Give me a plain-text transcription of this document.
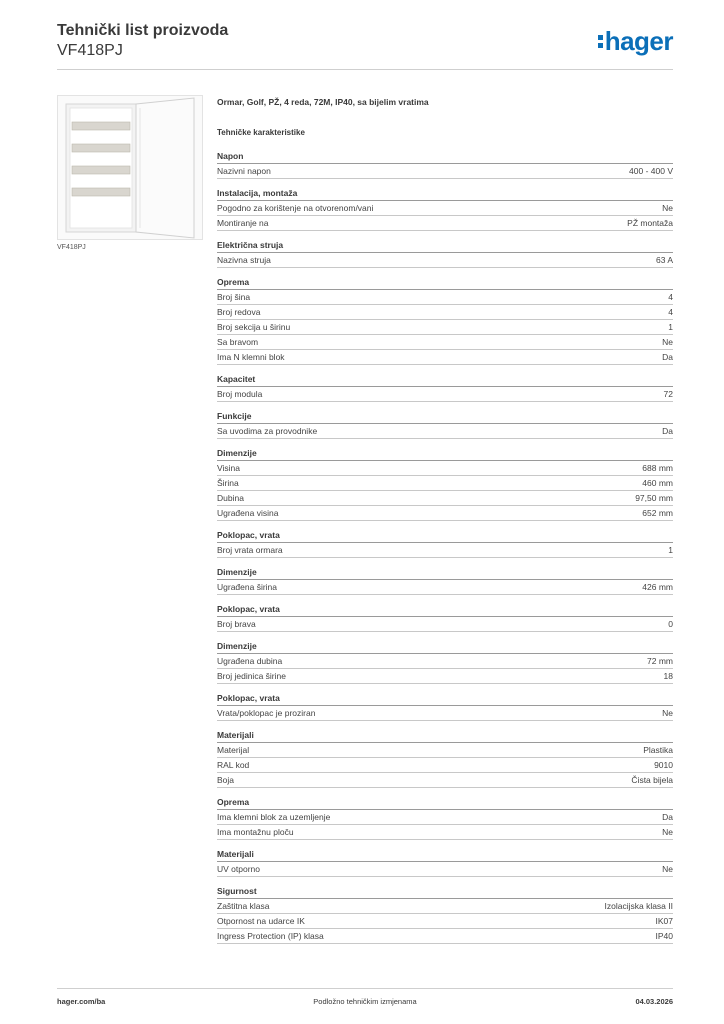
Tehnički list proizvoda
VF418PJ	hager
VF418PJ
Ormar, Golf, PŽ, 4 reda, 72M, IP40, sa bijelim vratima
Tehničke karakteristike
Napon
Nazivni napon	400 - 400 V
Instalacija, montaža
Pogodno za korištenje na otvorenom/vani	Ne
Montiranje na	PŽ montaža
Električna struja
Nazivna struja	63 A
Oprema
Broj šina	4
Broj redova	4
Broj sekcija u širinu	1
Sa bravom	Ne
Ima N klemni blok	Da
Kapacitet
Broj modula	72
Funkcije
Sa uvodima za provodnike	Da
Dimenzije
Visina	688 mm
Širina	460 mm
Dubina	97,50 mm
Ugrađena visina	652 mm
Poklopac, vrata
Broj vrata ormara	1
Dimenzije
Ugrađena širina	426 mm
Poklopac, vrata
Broj brava	0
Dimenzije
Ugrađena dubina	72 mm
Broj jedinica širine	18
Poklopac, vrata
Vrata/poklopac je proziran	Ne
Materijali
Materijal	Plastika
RAL kod	9010
Boja	Čista bijela
Oprema
Ima klemni blok za uzemljenje	Da
Ima montažnu ploču	Ne
Materijali
UV otporno	Ne
Sigurnost
Zaštitna klasa	Izolacijska klasa II
Otpornost na udarce IK	IK07
Ingress Protection (IP) klasa	IP40
hager.com/ba	Podložno tehničkim izmjenama	04.03.2026
